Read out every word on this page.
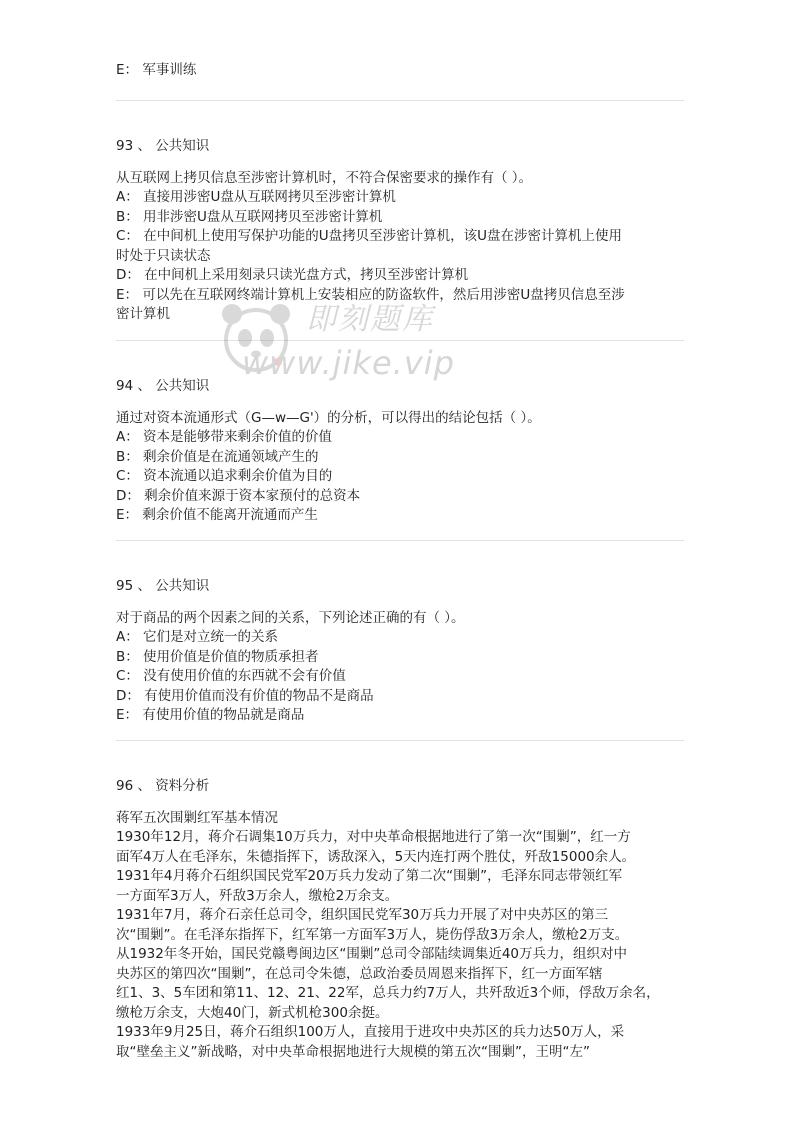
E： 军事训练
93 、 公共知识
从互联网上拷贝信息至涉密计算机时，不符合保密要求的操作有（ ）。
A： 直接用涉密U盘从互联网拷贝至涉密计算机
B： 用非涉密U盘从互联网拷贝至涉密计算机
C： 在中间机上使用写保护功能的U盘拷贝至涉密计算机，该U盘在涉密计算机上使用
时处于只读状态
D： 在中间机上采用刻录只读光盘方式，拷贝至涉密计算机
E： 可以先在互联网终端计算机上安装相应的防盗软件，然后用涉密U盘拷贝信息至涉
密计算机
94 、 公共知识
通过对资本流通形式（G—w—G'）的分析，可以得出的结论包括（ ）。
A： 资本是能够带来剩余价值的价值
B： 剩余价值是在流通领域产生的
C： 资本流通以追求剩余价值为目的
D： 剩余价值来源于资本家预付的总资本
E： 剩余价值不能离开流通而产生
95 、 公共知识
对于商品的两个因素之间的关系，下列论述正确的有（ ）。
A： 它们是对立统一的关系
B： 使用价值是价值的物质承担者
C： 没有使用价值的东西就不会有价值
D： 有使用价值而没有价值的物品不是商品
E： 有使用价值的物品就是商品
96 、 资料分析
蒋军五次围剿红军基本情况
1930年12月，蒋介石调集10万兵力，对中央革命根据地进行了第一次“围剿”，红一方
面军4万人在毛泽东，朱德指挥下，诱敌深入，5天内连打两个胜仗，歼敌15000余人。
1931年4月蒋介石组织国民党军20万兵力发动了第二次“围剿”，毛泽东同志带领红军
一方面军3万人，歼敌3万余人，缴枪2万余支。
1931年7月，蒋介石亲任总司令，组织国民党军30万兵力开展了对中央苏区的第三
次“围剿”。在毛泽东指挥下，红军第一方面军3万人，毙伤俘敌3万余人，缴枪2万支。
从1932年冬开始，国民党赣粤闽边区“围剿”总司令部陆续调集近40万兵力，组织对中
央苏区的第四次“围剿”，在总司令朱德，总政治委员周恩来指挥下，红一方面军辖
红1、3、5车团和第11、12、21、22军，总兵力约7万人，共歼敌近3个师，俘敌万余名，
缴枪万余支，大炮40门，新式机枪300余挺。
1933年9月25日，蒋介石组织100万人，直接用于进攻中央苏区的兵力达50万人，采
取“壁垒主义”新战略，对中央革命根据地进行大规模的第五次“围剿”，王明“左”
即刻题库
www.jike.vip
